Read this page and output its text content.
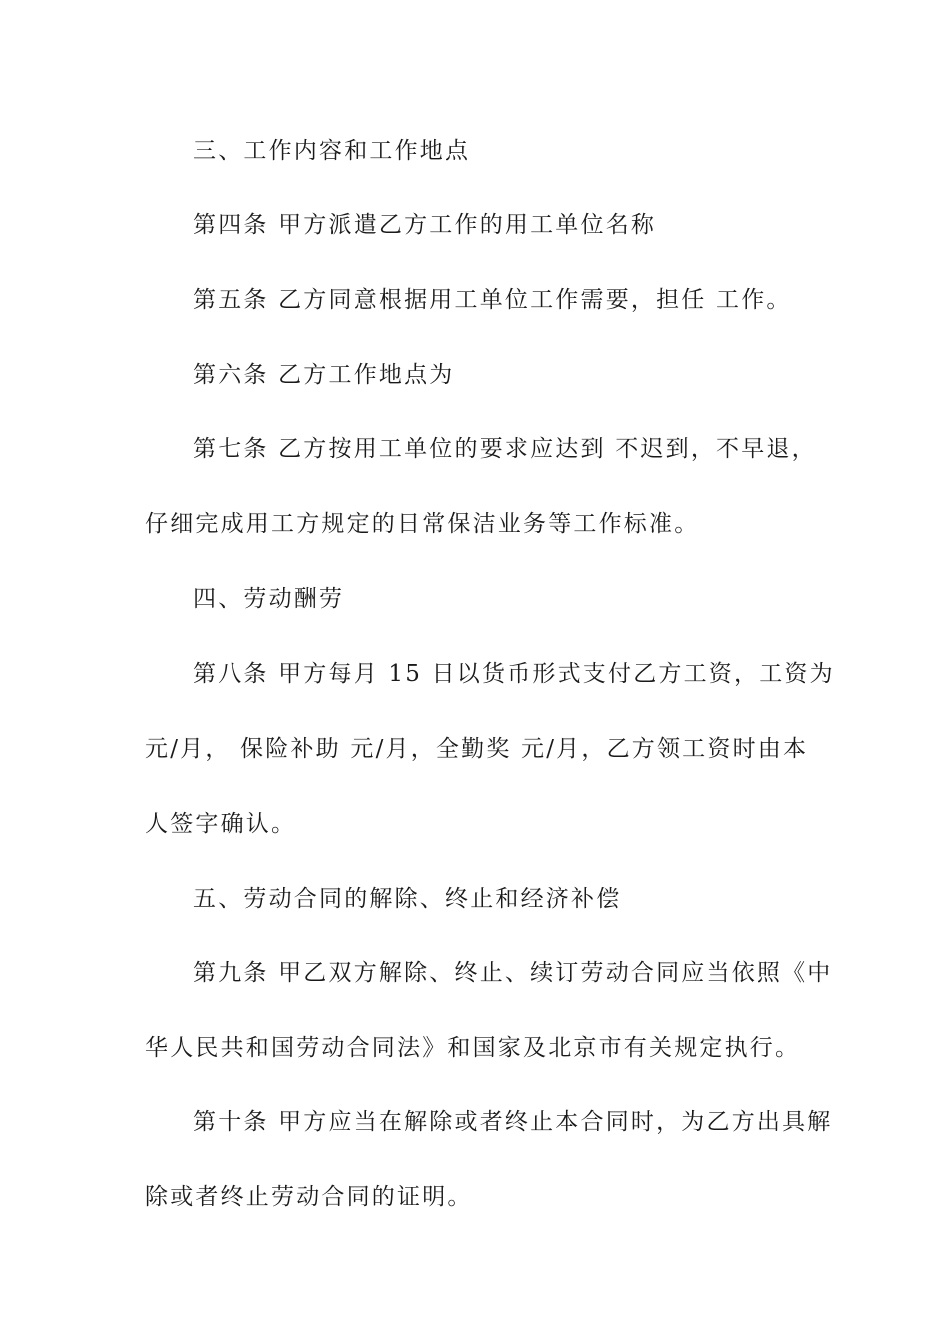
三、工作内容和工作地点

第四条 甲方派遣乙方工作的用工单位名称

第五条 乙方同意根据用工单位工作需要，担任 工作。

第六条 乙方工作地点为

第七条 乙方按用工单位的要求应达到 不迟到，不早退，

仔细完成用工方规定的日常保洁业务等工作标准。

四、劳动酬劳

第八条 甲方每月 15 日以货币形式支付乙方工资，工资为

元/月， 保险补助 元/月，全勤奖 元/月，乙方领工资时由本

人签字确认。

五、劳动合同的解除、终止和经济补偿

第九条 甲乙双方解除、终止、续订劳动合同应当依照《中

华人民共和国劳动合同法》和国家及北京市有关规定执行。

第十条 甲方应当在解除或者终止本合同时，为乙方出具解

除或者终止劳动合同的证明。
